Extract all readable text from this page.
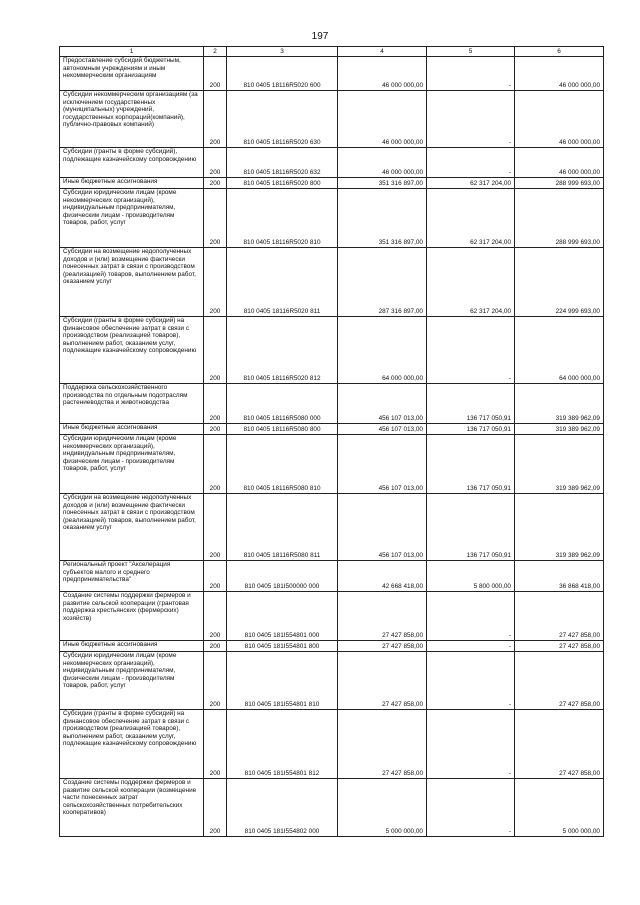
197
1	2	3	4	5	6
Предоставление субсидий бюджетным, автономным учреждениям и иным некоммерческим организациям	200	810 0405 18116R5020 600	46 000 000,00	-	46 000 000,00
Субсидии некоммерческим организациям (за исключением государственных (муниципальных) учреждений, государственных корпораций(компаний), публично-правовых компаний)	200	810 0405 18116R5020 630	46 000 000,00	-	46 000 000,00
Субсидии (гранты в форме субсидий), подлежащие казначейскому сопровождению	200	810 0405 18116R5020 632	46 000 000,00	-	46 000 000,00
Иные бюджетные ассигнования	200	810 0405 18116R5020 800	351 316 897,00	62 317 204,00	288 999 693,00
Субсидии юридическим лицам (кроме некоммерческих организаций), индивидуальным предпринимателям, физическим лицам - производителям товаров, работ, услуг	200	810 0405 18116R5020 810	351 316 897,00	62 317 204,00	288 999 693,00
Субсидии на возмещение недополученных доходов и (или) возмещение фактически понесенных затрат в связи с производством (реализацией) товаров, выполнением работ, оказанием услуг	200	810 0405 18116R5020 811	287 316 897,00	62 317 204,00	224 999 693,00
Субсидии (гранты в форме субсидий) на финансовое обеспечение затрат в связи с производством (реализацией товаров), выполнением работ, оказанием услуг, подлежащие казначейскому сопровождению	200	810 0405 18116R5020 812	64 000 000,00	-	64 000 000,00
Поддержка сельскохозяйственного производства по отдельным подотраслям растениеводства и животноводства	200	810 0405 18116R5080 000	456 107 013,00	136 717 050,91	319 389 962,09
Иные бюджетные ассигнования	200	810 0405 18116R5080 800	456 107 013,00	136 717 050,91	319 389 962,09
Субсидии юридическим лицам (кроме некоммерческих организаций), индивидуальным предпринимателям, физическим лицам - производителям товаров, работ, услуг	200	810 0405 18116R5080 810	456 107 013,00	136 717 050,91	319 389 962,09
Субсидии на возмещение недополученных доходов и (или) возмещение фактически понесенных затрат в связи с производством (реализацией) товаров, выполнением работ, оказанием услуг	200	810 0405 18116R5080 811	456 107 013,00	136 717 050,91	319 389 962,09
Региональный проект "Акселерация субъектов малого и среднего предпринимательства"	200	810 0405 181I500000 000	42 668 418,00	5 800 000,00	36 868 418,00
Создание системы поддержки фермеров и развитие сельской кооперации (грантовая поддержка крестьянских (фермерских) хозяйств)	200	810 0405 181I554801 000	27 427 858,00	-	27 427 858,00
Иные бюджетные ассигнования	200	810 0405 181I554801 800	27 427 858,00	-	27 427 858,00
Субсидии юридическим лицам (кроме некоммерческих организаций), индивидуальным предпринимателям, физическим лицам - производителям товаров, работ, услуг	200	810 0405 181I554801 810	27 427 858,00	-	27 427 858,00
Субсидии (гранты в форме субсидий) на финансовое обеспечение затрат в связи с производством (реализацией товаров), выполнением работ, оказанием услуг, подлежащие казначейскому сопровождению	200	810 0405 181I554801 812	27 427 858,00	-	27 427 858,00
Создание системы поддержки фермеров и развитие сельской кооперации (возмещение части понесенных затрат сельскохозяйственных потребительских кооперативов)	200	810 0405 181I554802 000	5 000 000,00	-	5 000 000,00
